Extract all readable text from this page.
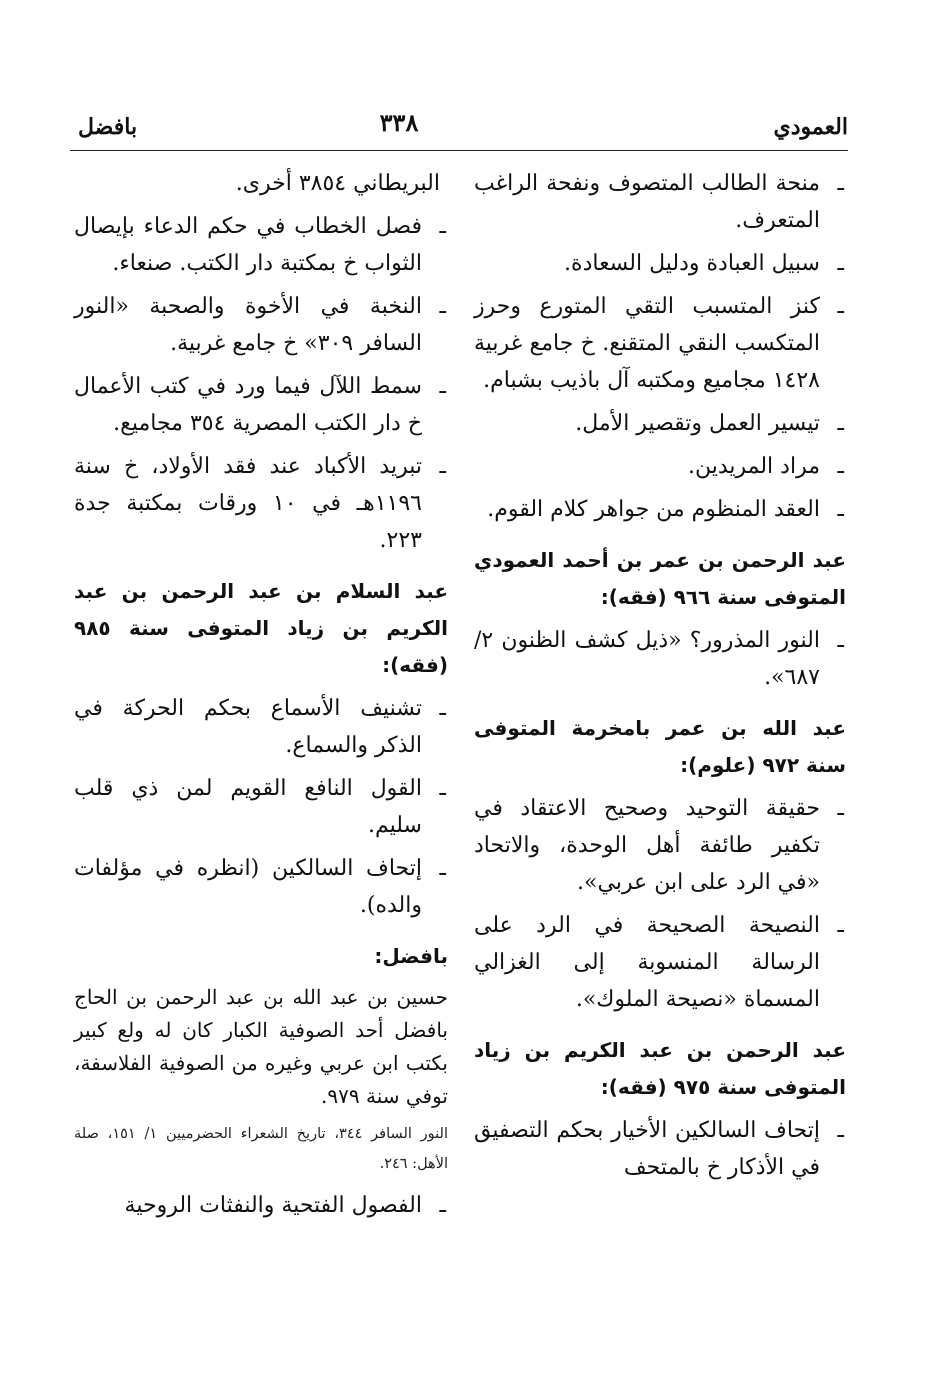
العمودي
٣٣٨
بافضل
ـ
منحة الطالب المتصوف ونفحة الراغب المتعرف.
ـ
سبيل العبادة ودليل السعادة.
ـ
كنز المتسبب التقي المتورع وحرز المتكسب النقي المتقنع. خ جامع غربية ١٤٢٨ مجاميع ومكتبه آل باذيب بشبام.
ـ
تيسير العمل وتقصير الأمل.
ـ
مراد المريدين.
ـ
العقد المنظوم من جواهر كلام القوم.
عبد الرحمن بن عمر بن أحمد العمودي المتوفى سنة ٩٦٦ (فقه):
ـ
النور المذرور؟ «ذيل كشف الظنون ٢/ ٦٨٧».
عبد الله بن عمر بامخرمة المتوفى سنة ٩٧٢ (علوم):
ـ
حقيقة التوحيد وصحيح الاعتقاد في تكفير طائفة أهل الوحدة، والاتحاد «في الرد على ابن عربي».
ـ
النصيحة الصحيحة في الرد على الرسالة المنسوبة إلى الغزالي المسماة «نصيحة الملوك».
عبد الرحمن بن عبد الكريم بن زياد المتوفى سنة ٩٧٥ (فقه):
ـ
إتحاف السالكين الأخيار بحكم التصفيق في الأذكار خ بالمتحف
البريطاني ٣٨٥٤ أخرى.
ـ
فصل الخطاب في حكم الدعاء بإيصال الثواب خ بمكتبة دار الكتب. صنعاء.
ـ
النخبة في الأخوة والصحبة «النور السافر ٣٠٩» خ جامع غربية.
ـ
سمط اللآل فيما ورد في كتب الأعمال خ دار الكتب المصرية ٣٥٤ مجاميع.
ـ
تبريد الأكباد عند فقد الأولاد، خ سنة ١١٩٦هـ في ١٠ ورقات بمكتبة جدة ٢٢٣.
عبد السلام بن عبد الرحمن بن عبد الكريم بن زياد المتوفى سنة ٩٨٥ (فقه):
ـ
تشنيف الأسماع بحكم الحركة في الذكر والسماع.
ـ
القول النافع القويم لمن ذي قلب سليم.
ـ
إتحاف السالكين (انظره في مؤلفات والده).
بافضل:
حسين بن عبد الله بن عبد الرحمن بن الحاج بافضل أحد الصوفية الكبار كان له ولع كبير بكتب ابن عربي وغيره من الصوفية الفلاسفة، توفي سنة ٩٧٩.
النور السافر ٣٤٤، تاريخ الشعراء الحضرميين ١/ ١٥١، صلة الأهل: ٢٤٦.
ـ
الفصول الفتحية والنفثات الروحية
